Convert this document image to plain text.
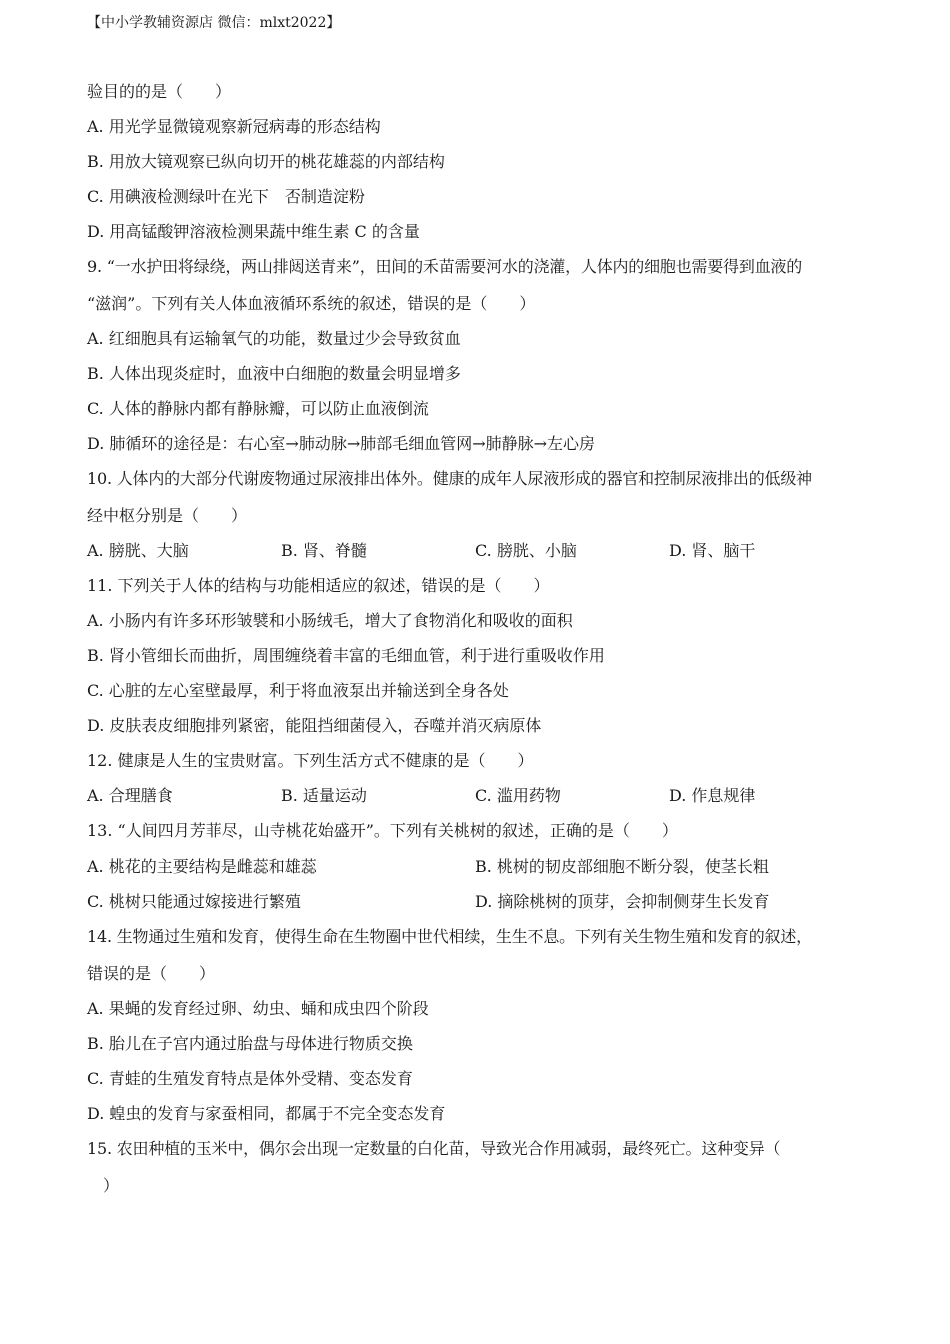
【中小学教辅资源店 微信：mlxt2022】
验目的的是（　　）
A. 用光学显微镜观察新冠病毒的形态结构
B. 用放大镜观察已纵向切开的桃花雄蕊的内部结构
C. 用碘液检测绿叶在光下　否制造淀粉
D. 用高锰酸钾溶液检测果蔬中维生素 C 的含量
9. “一水护田将绿绕，两山排闼送青来”，田间的禾苗需要河水的浇灌，人体内的细胞也需要得到血液的
“滋润”。下列有关人体血液循环系统的叙述，错误的是（　　）
A. 红细胞具有运输氧气的功能，数量过少会导致贫血
B. 人体出现炎症时，血液中白细胞的数量会明显增多
C. 人体的静脉内都有静脉瓣，可以防止血液倒流
D. 肺循环的途径是：右心室→肺动脉→肺部毛细血管网→肺静脉→左心房
10. 人体内的大部分代谢废物通过尿液排出体外。健康的成年人尿液形成的器官和控制尿液排出的低级神
经中枢分别是（　　）
A. 膀胱、大脑	B. 肾、脊髓	C. 膀胱、小脑	D. 肾、脑干
11. 下列关于人体的结构与功能相适应的叙述，错误的是（　　）
A. 小肠内有许多环形皱襞和小肠绒毛，增大了食物消化和吸收的面积
B. 肾小管细长而曲折，周围缠绕着丰富的毛细血管，利于进行重吸收作用
C. 心脏的左心室壁最厚，利于将血液泵出并输送到全身各处
D. 皮肤表皮细胞排列紧密，能阻挡细菌侵入，吞噬并消灭病原体
12. 健康是人生的宝贵财富。下列生活方式不健康的是（　　）
A. 合理膳食	B. 适量运动	C. 滥用药物	D. 作息规律
13. “人间四月芳菲尽，山寺桃花始盛开”。下列有关桃树的叙述，正确的是（　　）
A. 桃花的主要结构是雌蕊和雄蕊	B. 桃树的韧皮部细胞不断分裂，使茎长粗
C. 桃树只能通过嫁接进行繁殖	D. 摘除桃树的顶芽，会抑制侧芽生长发育
14. 生物通过生殖和发育，使得生命在生物圈中世代相续，生生不息。下列有关生物生殖和发育的叙述，
错误的是（　　）
A. 果蝇的发育经过卵、幼虫、蛹和成虫四个阶段
B. 胎儿在子宫内通过胎盘与母体进行物质交换
C. 青蛙的生殖发育特点是体外受精、变态发育
D. 蝗虫的发育与家蚕相同，都属于不完全变态发育
15. 农田种植的玉米中，偶尔会出现一定数量的白化苗，导致光合作用减弱，最终死亡。这种变异（
）
